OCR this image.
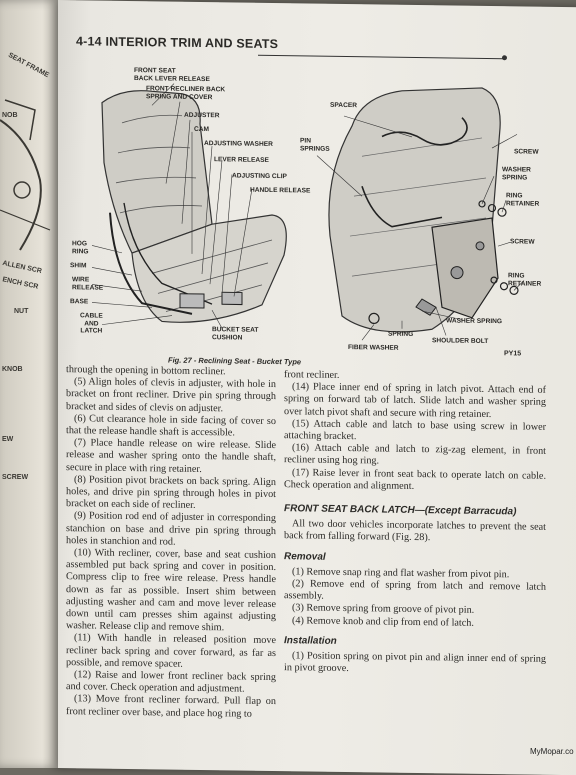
SEAT FRAME
NOB
ALLEN SCR
ENCH SCR
NUT
KNOB
EW
SCREW
4-14 INTERIOR TRIM AND SEATS
FRONT SEAT
BACK LEVER RELEASE
FRONT RECLINER BACK
SPRING AND COVER
ADJUSTER
CAM
ADJUSTING WASHER
LEVER RELEASE
ADJUSTING CLIP
HANDLE RELEASE
HOG
RING
SHIM
WIRE
RELEASE
BASE
CABLE
AND
LATCH	BUCKET SEAT
CUSHION
SPACER
PIN
SPRINGS	SCREW
WASHER
SPRING
RING
RETAINER
SCREW
RING
RETAINER
WASHER SPRING
SPRING
SHOULDER BOLT
FIBER WASHER
Fig. 27 - Reclining Seat - Bucket Type
PY15

through the opening in bottom recliner.

(5) Align holes of clevis in adjuster, with hole in bracket on front recliner. Drive pin spring through bracket and sides of clevis on adjuster.

(6) Cut clearance hole in side facing of cover so that the release handle shaft is accessible.

(7) Place handle release on wire release. Slide release and washer spring onto the handle shaft, secure in place with ring retainer.

(8) Position pivot brackets on back spring. Align holes, and drive pin spring through holes in pivot bracket on each side of recliner.

(9) Position rod end of adjuster in corresponding stanchion on base and drive pin spring through holes in stanchion and rod.

(10) With recliner, cover, base and seat cushion assembled put back spring and cover in position. Compress clip to free wire release. Press handle down as far as possible. Insert shim between adjusting washer and cam and move lever release down until cam presses shim against adjusting washer. Release clip and remove shim.

(11) With handle in released position move recliner back spring and cover forward, as far as possible, and remove spacer.

(12) Raise and lower front recliner back spring and cover. Check operation and adjustment.

(13) Move front recliner forward. Pull flap on front recliner over base, and place hog ring to

front recliner.

(14) Place inner end of spring in latch pivot. Attach end of spring on forward tab of latch. Slide latch and washer spring over latch pivot shaft and secure with ring retainer.

(15) Attach cable and latch to base using screw in lower attaching bracket.

(16) Attach cable and latch to zig-zag element, in front recliner using hog ring.

(17) Raise lever in front seat back to operate latch on cable. Check operation and alignment.

FRONT SEAT BACK LATCH—(Except Barracuda)

All two door vehicles incorporate latches to prevent the seat back from falling forward (Fig. 28).

Removal

(1) Remove snap ring and flat washer from pivot pin.

(2) Remove end of spring from latch and remove latch assembly.

(3) Remove spring from groove of pivot pin.

(4) Remove knob and clip from end of latch.

Installation

(1) Position spring on pivot pin and align inner end of spring in pivot groove.

MyMopar.co
